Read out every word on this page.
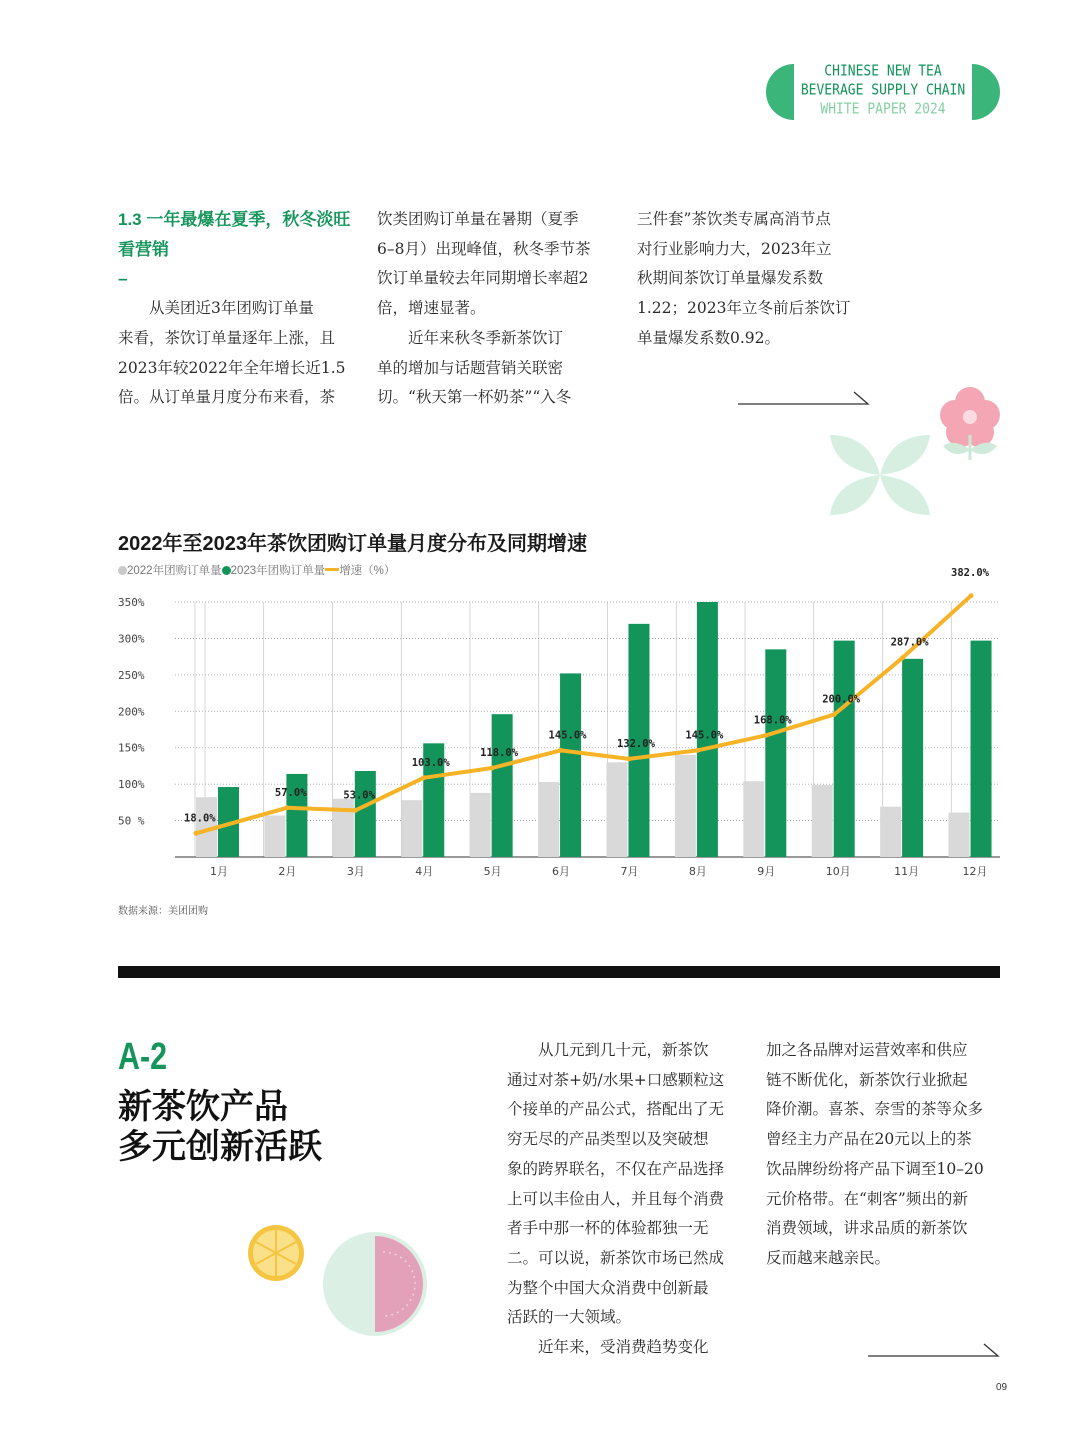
CHINESE NEW TEA
BEVERAGE SUPPLY CHAIN
WHITE PAPER 2024
1.3 一年最爆在夏季，秋冬淡旺
看营销
–

从美团近3年团购订单量

来看，茶饮订单量逐年上涨，且

2023年较2022年全年增长近1.5

倍。从订单量月度分布来看，茶

饮类团购订单量在暑期（夏季

6–8月）出现峰值，秋冬季节茶

饮订单量较去年同期增长率超2

倍，增速显著。

近年来秋冬季新茶饮订

单的增加与话题营销关联密

切。“秋天第一杯奶茶”“入冬

三件套”茶饮类专属高消节点

对行业影响力大，2023年立

秋期间茶饮订单量爆发系数

1.22；2023年立冬前后茶饮订

单量爆发系数0.92。

2022年至2023年茶饮团购订单量月度分布及同期增速
2022年团购订单量 2023年团购订单量 增速（%）
350%
300%
250%
200%
150%
100%
50 %	18.0%
57.0%	53.0%
103.0%
118.0%
145.0%
132.0%
145.0%
168.0%
200.0%
287.0%
382.0%
1月	2月	3月	4月	5月	6月	7月	8月	9月	10月	11月	12月
数据来源：美团团购
A-2
新茶饮产品
多元创新活跃

从几元到几十元，新茶饮

通过对茶+奶/水果+口感颗粒这

个接单的产品公式，搭配出了无

穷无尽的产品类型以及突破想

象的跨界联名，不仅在产品选择

上可以丰俭由人，并且每个消费

者手中那一杯的体验都独一无

二。可以说，新茶饮市场已然成

为整个中国大众消费中创新最

活跃的一大领域。

近年来，受消费趋势变化

加之各品牌对运营效率和供应

链不断优化，新茶饮行业掀起

降价潮。喜茶、奈雪的茶等众多

曾经主力产品在20元以上的茶

饮品牌纷纷将产品下调至10–20

元价格带。在“刺客”频出的新

消费领域，讲求品质的新茶饮

反而越来越亲民。

09
